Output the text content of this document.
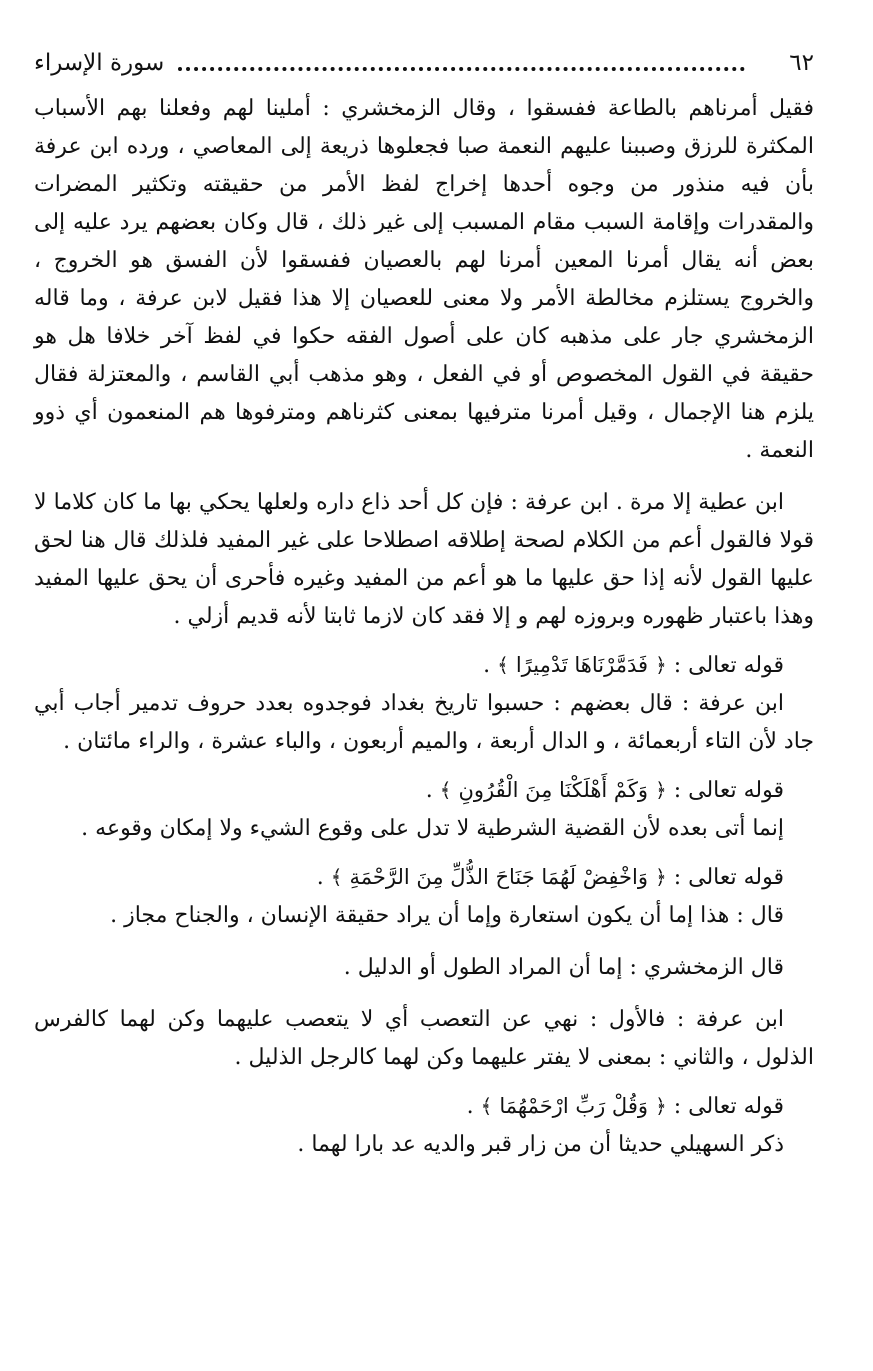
٦٢
سورة الإسراء

فقيل أمرناهم بالطاعة ففسقوا ، وقال الزمخشري : أملينا لهم وفعلنا بهم الأسباب المكثرة للرزق وصببنا عليهم النعمة صبا فجعلوها ذريعة إلى المعاصي ، ورده ابن عرفة بأن فيه منذور من وجوه أحدها إخراج لفظ الأمر من حقيقته وتكثير المضرات والمقدرات وإقامة السبب مقام المسبب إلى غير ذلك ، قال وكان بعضهم يرد عليه إلى بعض أنه يقال أمرنا المعين أمرنا لهم بالعصيان ففسقوا لأن الفسق هو الخروج ، والخروج يستلزم مخالطة الأمر ولا معنى للعصيان إلا هذا فقيل لابن عرفة ، وما قاله الزمخشري جار على مذهبه كان على أصول الفقه حكوا في لفظ آخر خلافا هل هو حقيقة في القول المخصوص أو في الفعل ، وهو مذهب أبي القاسم ، والمعتزلة فقال يلزم هنا الإجمال ، وقيل أمرنا مترفيها بمعنى كثرناهم ومترفوها هم المنعمون أي ذوو النعمة .

ابن عطية إلا مرة . ابن عرفة : فإن كل أحد ذاع داره ولعلها يحكي بها ما كان كلاما لا قولا فالقول أعم من الكلام لصحة إطلاقه اصطلاحا على غير المفيد فلذلك قال هنا لحق عليها القول لأنه إذا حق عليها ما هو أعم من المفيد وغيره فأحرى أن يحق عليها المفيد وهذا باعتبار ظهوره وبروزه لهم و إلا فقد كان لازما ثابتا لأنه قديم أزلي .

قوله تعالى : ﴿ فَدَمَّرْنَاهَا تَدْمِيرًا ﴾ .

ابن عرفة : قال بعضهم : حسبوا تاريخ بغداد فوجدوه بعدد حروف تدمير أجاب أبي جاد لأن التاء أربعمائة ، و الدال أربعة ، والميم أربعون ، والباء عشرة ، والراء مائتان .

قوله تعالى : ﴿ وَكَمْ أَهْلَكْنَا مِنَ الْقُرُونِ ﴾ .

إنما أتى بعده لأن القضية الشرطية لا تدل على وقوع الشيء ولا إمكان وقوعه .

قوله تعالى : ﴿ وَاخْفِضْ لَهُمَا جَنَاحَ الذُّلِّ مِنَ الرَّحْمَةِ ﴾ .

قال : هذا إما أن يكون استعارة وإما أن يراد حقيقة الإنسان ، والجناح مجاز .

قال الزمخشري : إما أن المراد الطول أو الدليل .

ابن عرفة : فالأول : نهي عن التعصب أي لا يتعصب عليهما وكن لهما كالفرس الذلول ، والثاني : بمعنى لا يفتر عليهما وكن لهما كالرجل الذليل .

قوله تعالى : ﴿ وَقُلْ رَبِّ ارْحَمْهُمَا ﴾ .

ذكر السهيلي حديثا أن من زار قبر والديه عد بارا لهما .
